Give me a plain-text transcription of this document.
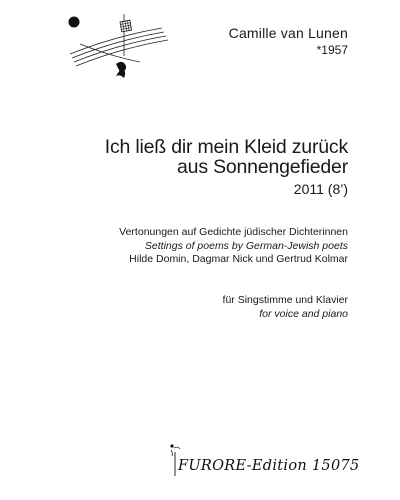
Camille van Lunen
*1957
Ich ließ dir mein Kleid zurück
aus Sonnengefieder
2011 (8’)
Vertonungen auf Gedichte jüdischer Dichterinnen
Settings of poems by German-Jewish poets
Hilde Domin, Dagmar Nick und Gertrud Kolmar
für Singstimme und Klavier
for voice and piano
FURORE-Edition 15075
